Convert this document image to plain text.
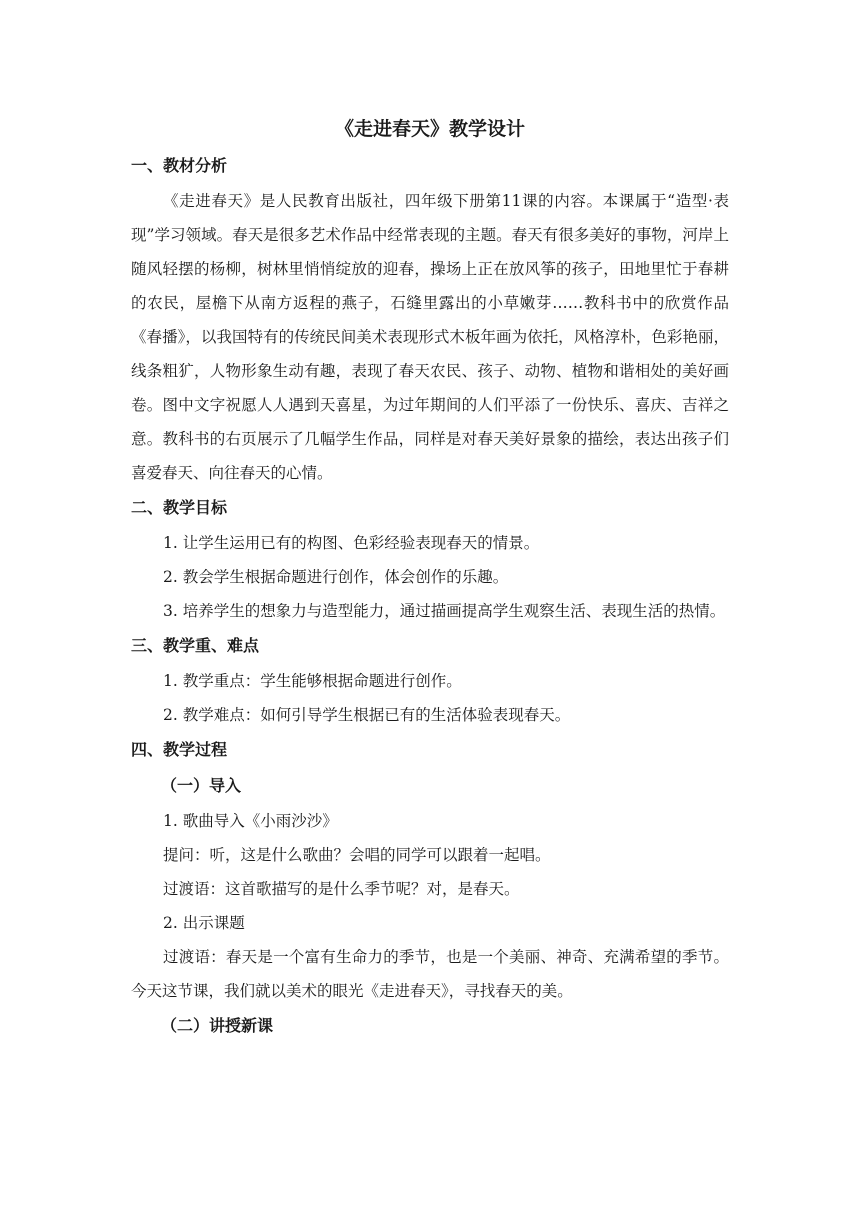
《走进春天》教学设计
一、教材分析

《走进春天》是人民教育出版社，四年级下册第11课的内容。本课属于“造型·表现”学习领域。春天是很多艺术作品中经常表现的主题。春天有很多美好的事物，河岸上随风轻摆的杨柳，树林里悄悄绽放的迎春，操场上正在放风筝的孩子，田地里忙于春耕的农民，屋檐下从南方返程的燕子，石缝里露出的小草嫩芽……教科书中的欣赏作品《春播》，以我国特有的传统民间美术表现形式木板年画为依托，风格淳朴，色彩艳丽，线条粗犷，人物形象生动有趣，表现了春天农民、孩子、动物、植物和谐相处的美好画卷。图中文字祝愿人人遇到天喜星，为过年期间的人们平添了一份快乐、喜庆、吉祥之意。教科书的右页展示了几幅学生作品，同样是对春天美好景象的描绘，表达出孩子们喜爱春天、向往春天的心情。

二、教学目标

1. 让学生运用已有的构图、色彩经验表现春天的情景。

2. 教会学生根据命题进行创作，体会创作的乐趣。

3. 培养学生的想象力与造型能力，通过描画提高学生观察生活、表现生活的热情。

三、教学重、难点

1. 教学重点：学生能够根据命题进行创作。

2. 教学难点：如何引导学生根据已有的生活体验表现春天。

四、教学过程
（一）导入

1. 歌曲导入《小雨沙沙》

提问：听，这是什么歌曲？会唱的同学可以跟着一起唱。

过渡语：这首歌描写的是什么季节呢？对，是春天。

2. 出示课题

过渡语：春天是一个富有生命力的季节，也是一个美丽、神奇、充满希望的季节。今天这节课，我们就以美术的眼光《走进春天》，寻找春天的美。

（二）讲授新课
